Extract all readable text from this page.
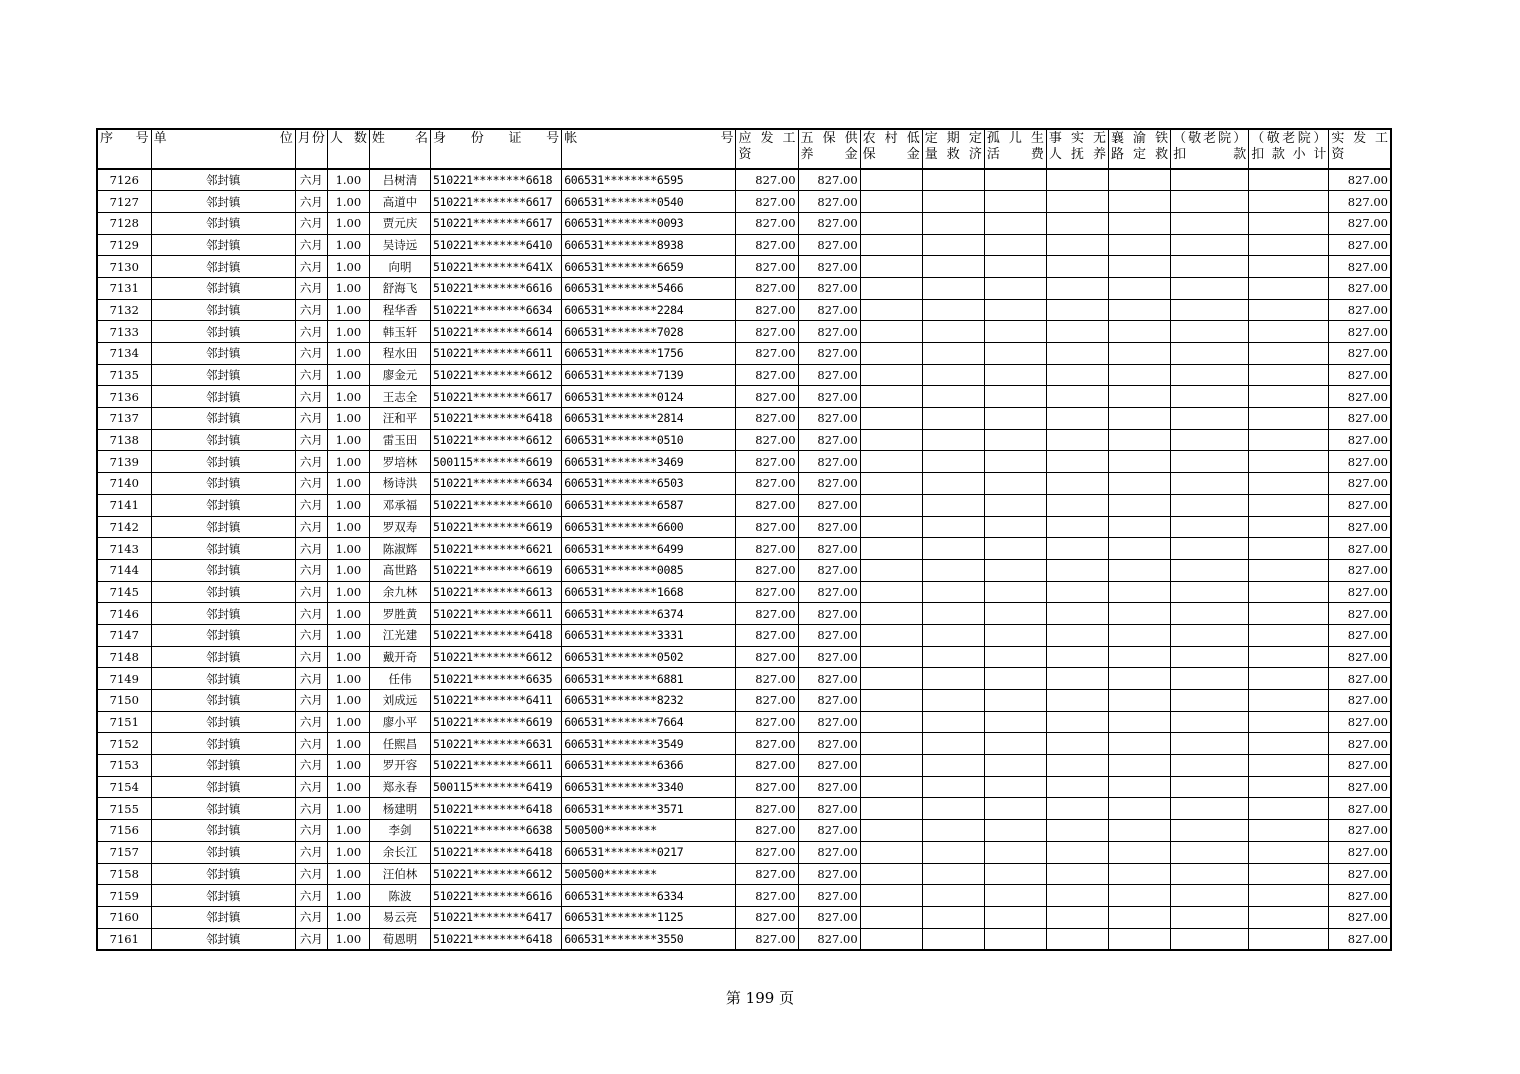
序 号	单 位	月份	人 数	姓 名	身 份 证 号	帐 号	应 发 工 资	五 保 供 养 金	农 村 低 保 金	定 期 定 量 救 济	孤 儿 生 活 费	事 实 无 人 抚 养	襄 渝 铁 路 定 救	（敬老院）扣 款	（敬老院）扣 款 小 计	实 发 工 资
7126	邻封镇	六月	1.00	吕树清	510221********6618	606531********6595	827.00	827.00								827.00
7127	邻封镇	六月	1.00	高道中	510221********6617	606531********0540	827.00	827.00								827.00
7128	邻封镇	六月	1.00	贾元庆	510221********6617	606531********0093	827.00	827.00								827.00
7129	邻封镇	六月	1.00	吴诗远	510221********6410	606531********8938	827.00	827.00								827.00
7130	邻封镇	六月	1.00	向明	510221********641X	606531********6659	827.00	827.00								827.00
7131	邻封镇	六月	1.00	舒海飞	510221********6616	606531********5466	827.00	827.00								827.00
7132	邻封镇	六月	1.00	程华香	510221********6634	606531********2284	827.00	827.00								827.00
7133	邻封镇	六月	1.00	韩玉轩	510221********6614	606531********7028	827.00	827.00								827.00
7134	邻封镇	六月	1.00	程水田	510221********6611	606531********1756	827.00	827.00								827.00
7135	邻封镇	六月	1.00	廖金元	510221********6612	606531********7139	827.00	827.00								827.00
7136	邻封镇	六月	1.00	王志全	510221********6617	606531********0124	827.00	827.00								827.00
7137	邻封镇	六月	1.00	汪和平	510221********6418	606531********2814	827.00	827.00								827.00
7138	邻封镇	六月	1.00	雷玉田	510221********6612	606531********0510	827.00	827.00								827.00
7139	邻封镇	六月	1.00	罗培林	500115********6619	606531********3469	827.00	827.00								827.00
7140	邻封镇	六月	1.00	杨诗洪	510221********6634	606531********6503	827.00	827.00								827.00
7141	邻封镇	六月	1.00	邓承福	510221********6610	606531********6587	827.00	827.00								827.00
7142	邻封镇	六月	1.00	罗双寿	510221********6619	606531********6600	827.00	827.00								827.00
7143	邻封镇	六月	1.00	陈淑辉	510221********6621	606531********6499	827.00	827.00								827.00
7144	邻封镇	六月	1.00	高世路	510221********6619	606531********0085	827.00	827.00								827.00
7145	邻封镇	六月	1.00	余九林	510221********6613	606531********1668	827.00	827.00								827.00
7146	邻封镇	六月	1.00	罗胜黄	510221********6611	606531********6374	827.00	827.00								827.00
7147	邻封镇	六月	1.00	江光建	510221********6418	606531********3331	827.00	827.00								827.00
7148	邻封镇	六月	1.00	戴开奇	510221********6612	606531********0502	827.00	827.00								827.00
7149	邻封镇	六月	1.00	任伟	510221********6635	606531********6881	827.00	827.00								827.00
7150	邻封镇	六月	1.00	刘成远	510221********6411	606531********8232	827.00	827.00								827.00
7151	邻封镇	六月	1.00	廖小平	510221********6619	606531********7664	827.00	827.00								827.00
7152	邻封镇	六月	1.00	任熙昌	510221********6631	606531********3549	827.00	827.00								827.00
7153	邻封镇	六月	1.00	罗开容	510221********6611	606531********6366	827.00	827.00								827.00
7154	邻封镇	六月	1.00	郑永春	500115********6419	606531********3340	827.00	827.00								827.00
7155	邻封镇	六月	1.00	杨建明	510221********6418	606531********3571	827.00	827.00								827.00
7156	邻封镇	六月	1.00	李剑	510221********6638	500500********	827.00	827.00								827.00
7157	邻封镇	六月	1.00	余长江	510221********6418	606531********0217	827.00	827.00								827.00
7158	邻封镇	六月	1.00	汪伯林	510221********6612	500500********	827.00	827.00								827.00
7159	邻封镇	六月	1.00	陈波	510221********6616	606531********6334	827.00	827.00								827.00
7160	邻封镇	六月	1.00	易云亮	510221********6417	606531********1125	827.00	827.00								827.00
7161	邻封镇	六月	1.00	荀恩明	510221********6418	606531********3550	827.00	827.00								827.00
第 199 页
